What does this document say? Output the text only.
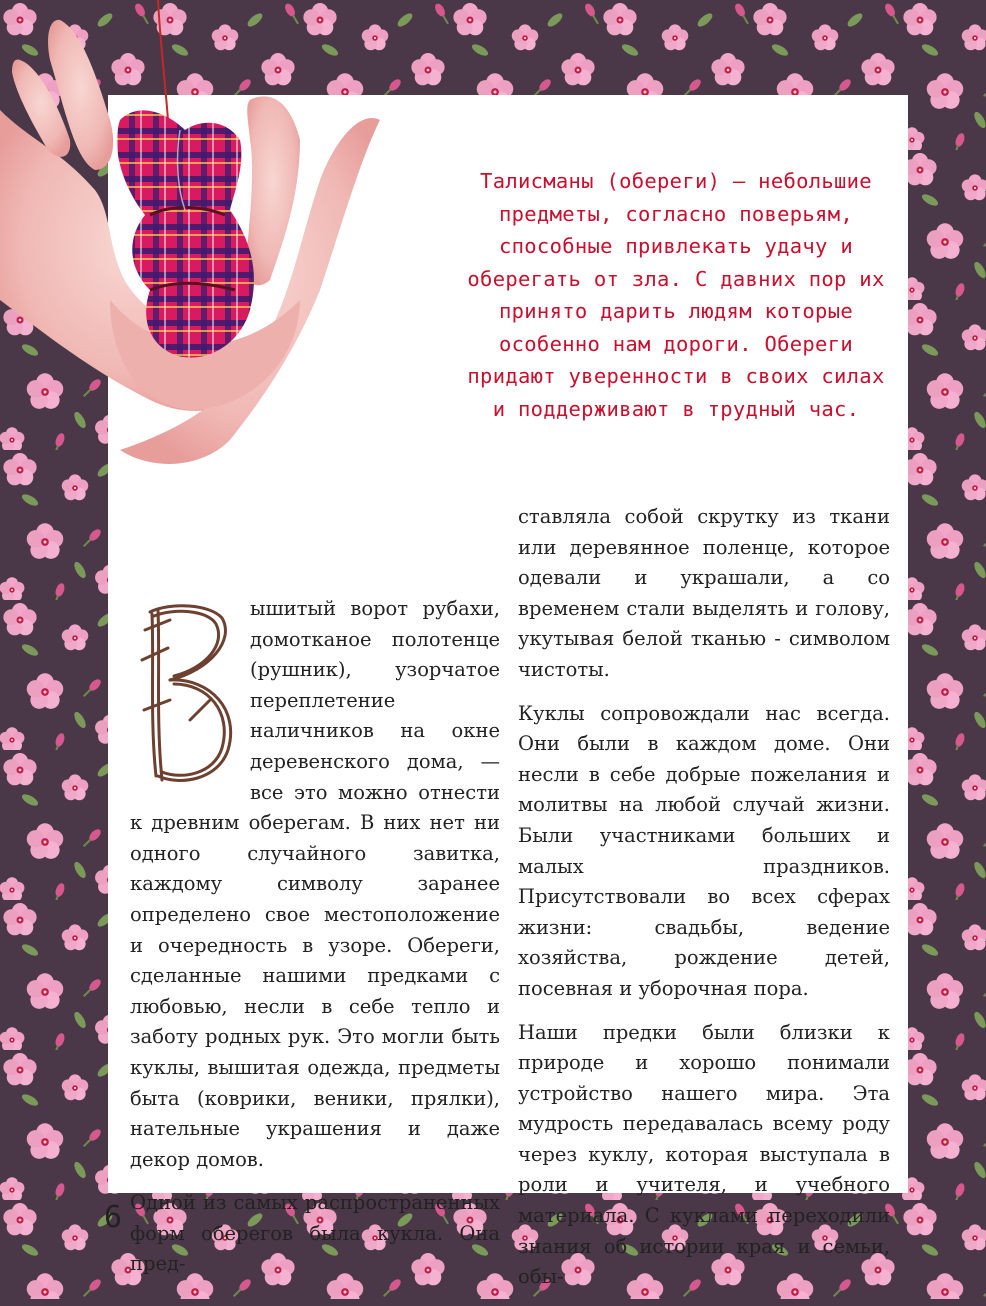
Талисманы (обереги) — небольшие предметы, согласно поверьям, способные привлекать удачу и оберегать от зла. С давних пор их принято дарить людям которые особенно нам дороги. Обереги придают уверенности в своих силах и поддерживают в трудный час.

ышитый ворот рубахи, домотканое полотенце (рушник), узорчатое переплетение наличников на окне деревенского дома, — все это можно отнести к древним оберегам. В них нет ни одного случайного завитка, каждому символу заранее определено свое местоположение и очередность в узоре. Обереги, сделанные нашими предками с любовью, несли в себе тепло и заботу родных рук. Это могли быть куклы, вышитая одежда, предметы быта (коврики, веники, прялки), нательные украшения и даже декор домов.

Одной из самых распространенных форм оберегов была кукла. Она пред-

ставляла собой скрутку из ткани или деревянное поленце, которое одевали и украшали, а со временем стали выделять и голову, укутывая белой тканью - символом чистоты.

Куклы сопровождали нас всегда. Они были в каждом доме. Они несли в себе добрые пожелания и молитвы на любой случай жизни. Были участниками больших и малых праздников. Присутствовали во всех сферах жизни: свадьбы, ведение хозяйства, рождение детей, посевная и уборочная пора.

Наши предки были близки к природе и хорошо понимали устройство нашего мира. Эта мудрость передавалась всему роду через куклу, которая выступала в роли и учителя, и учебного материала. С куклами переходили знания об истории края и семьи, обы-

6
